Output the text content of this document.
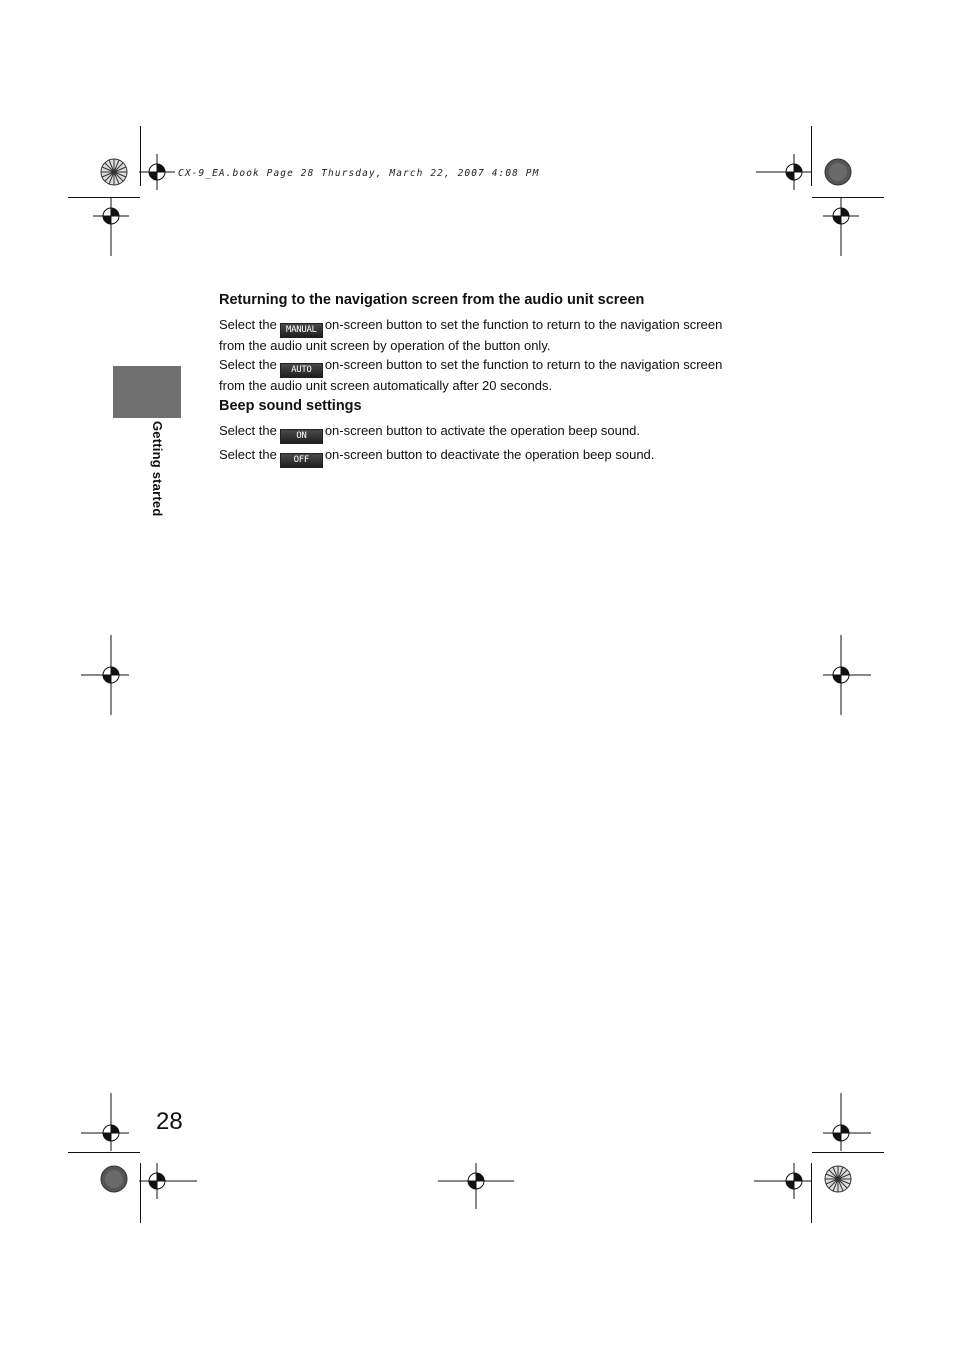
CX-9_EA.book Page 28 Thursday, March 22, 2007 4:08 PM
Getting started
Returning to the navigation screen from the audio unit screen
Select the MANUAL on-screen button to set the function to return to the navigation screen
from the audio unit screen by operation of the button only.
Select the AUTO on-screen button to set the function to return to the navigation screen
from the audio unit screen automatically after 20 seconds.
Beep sound settings
Select the ON on-screen button to activate the operation beep sound.
Select the OFF on-screen button to deactivate the operation beep sound.
28
